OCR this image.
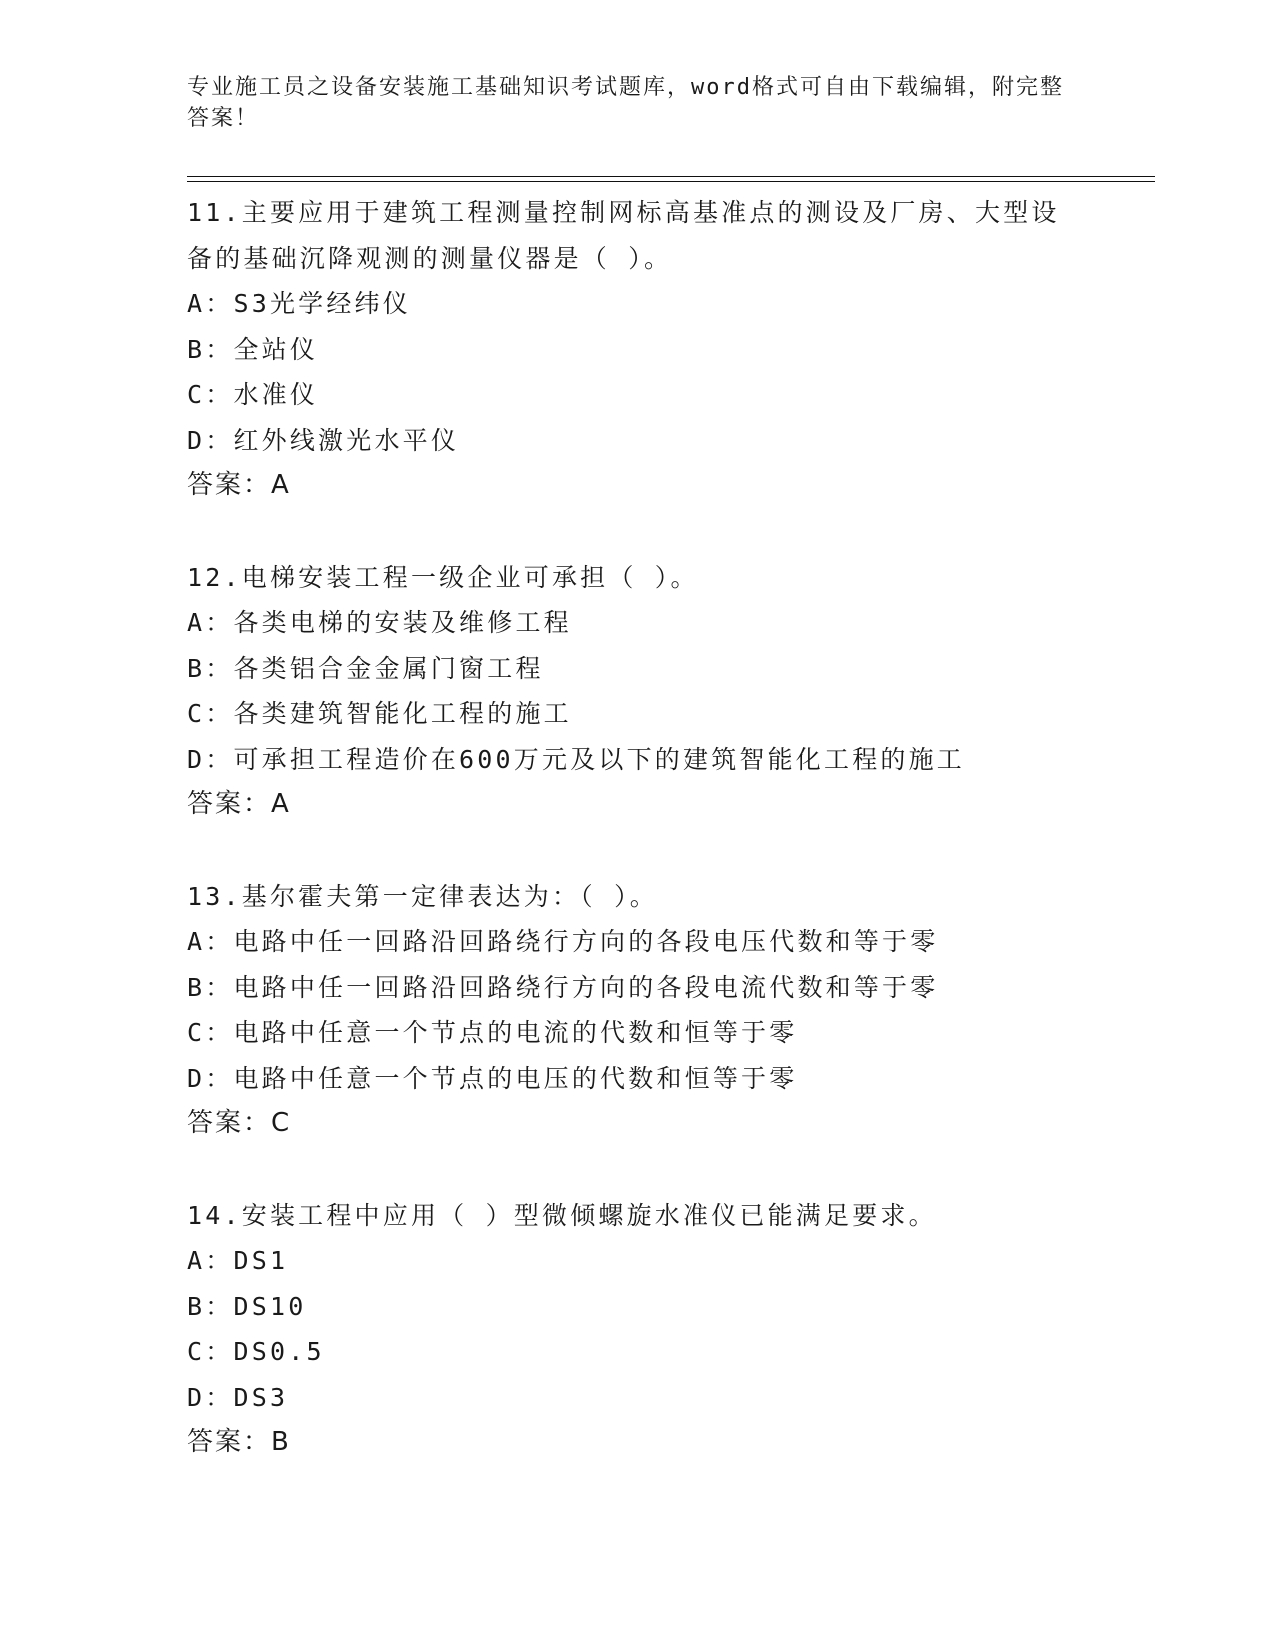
专业施工员之设备安装施工基础知识考试题库，word格式可自由下载编辑，附完整答案！
11.主要应用于建筑工程测量控制网标高基准点的测设及厂房、大型设备的基础沉降观测的测量仪器是（ ）。
A：S3光学经纬仪
B：全站仪
C：水准仪
D：红外线激光水平仪
答案：A
12.电梯安装工程一级企业可承担（ ）。
A：各类电梯的安装及维修工程
B：各类铝合金金属门窗工程
C：各类建筑智能化工程的施工
D：可承担工程造价在600万元及以下的建筑智能化工程的施工
答案：A
13.基尔霍夫第一定律表达为：（ ）。
A：电路中任一回路沿回路绕行方向的各段电压代数和等于零
B：电路中任一回路沿回路绕行方向的各段电流代数和等于零
C：电路中任意一个节点的电流的代数和恒等于零
D：电路中任意一个节点的电压的代数和恒等于零
答案：C
14.安装工程中应用（ ）型微倾螺旋水准仪已能满足要求。
A：DS1
B：DS10
C：DS0.5
D：DS3
答案：B
